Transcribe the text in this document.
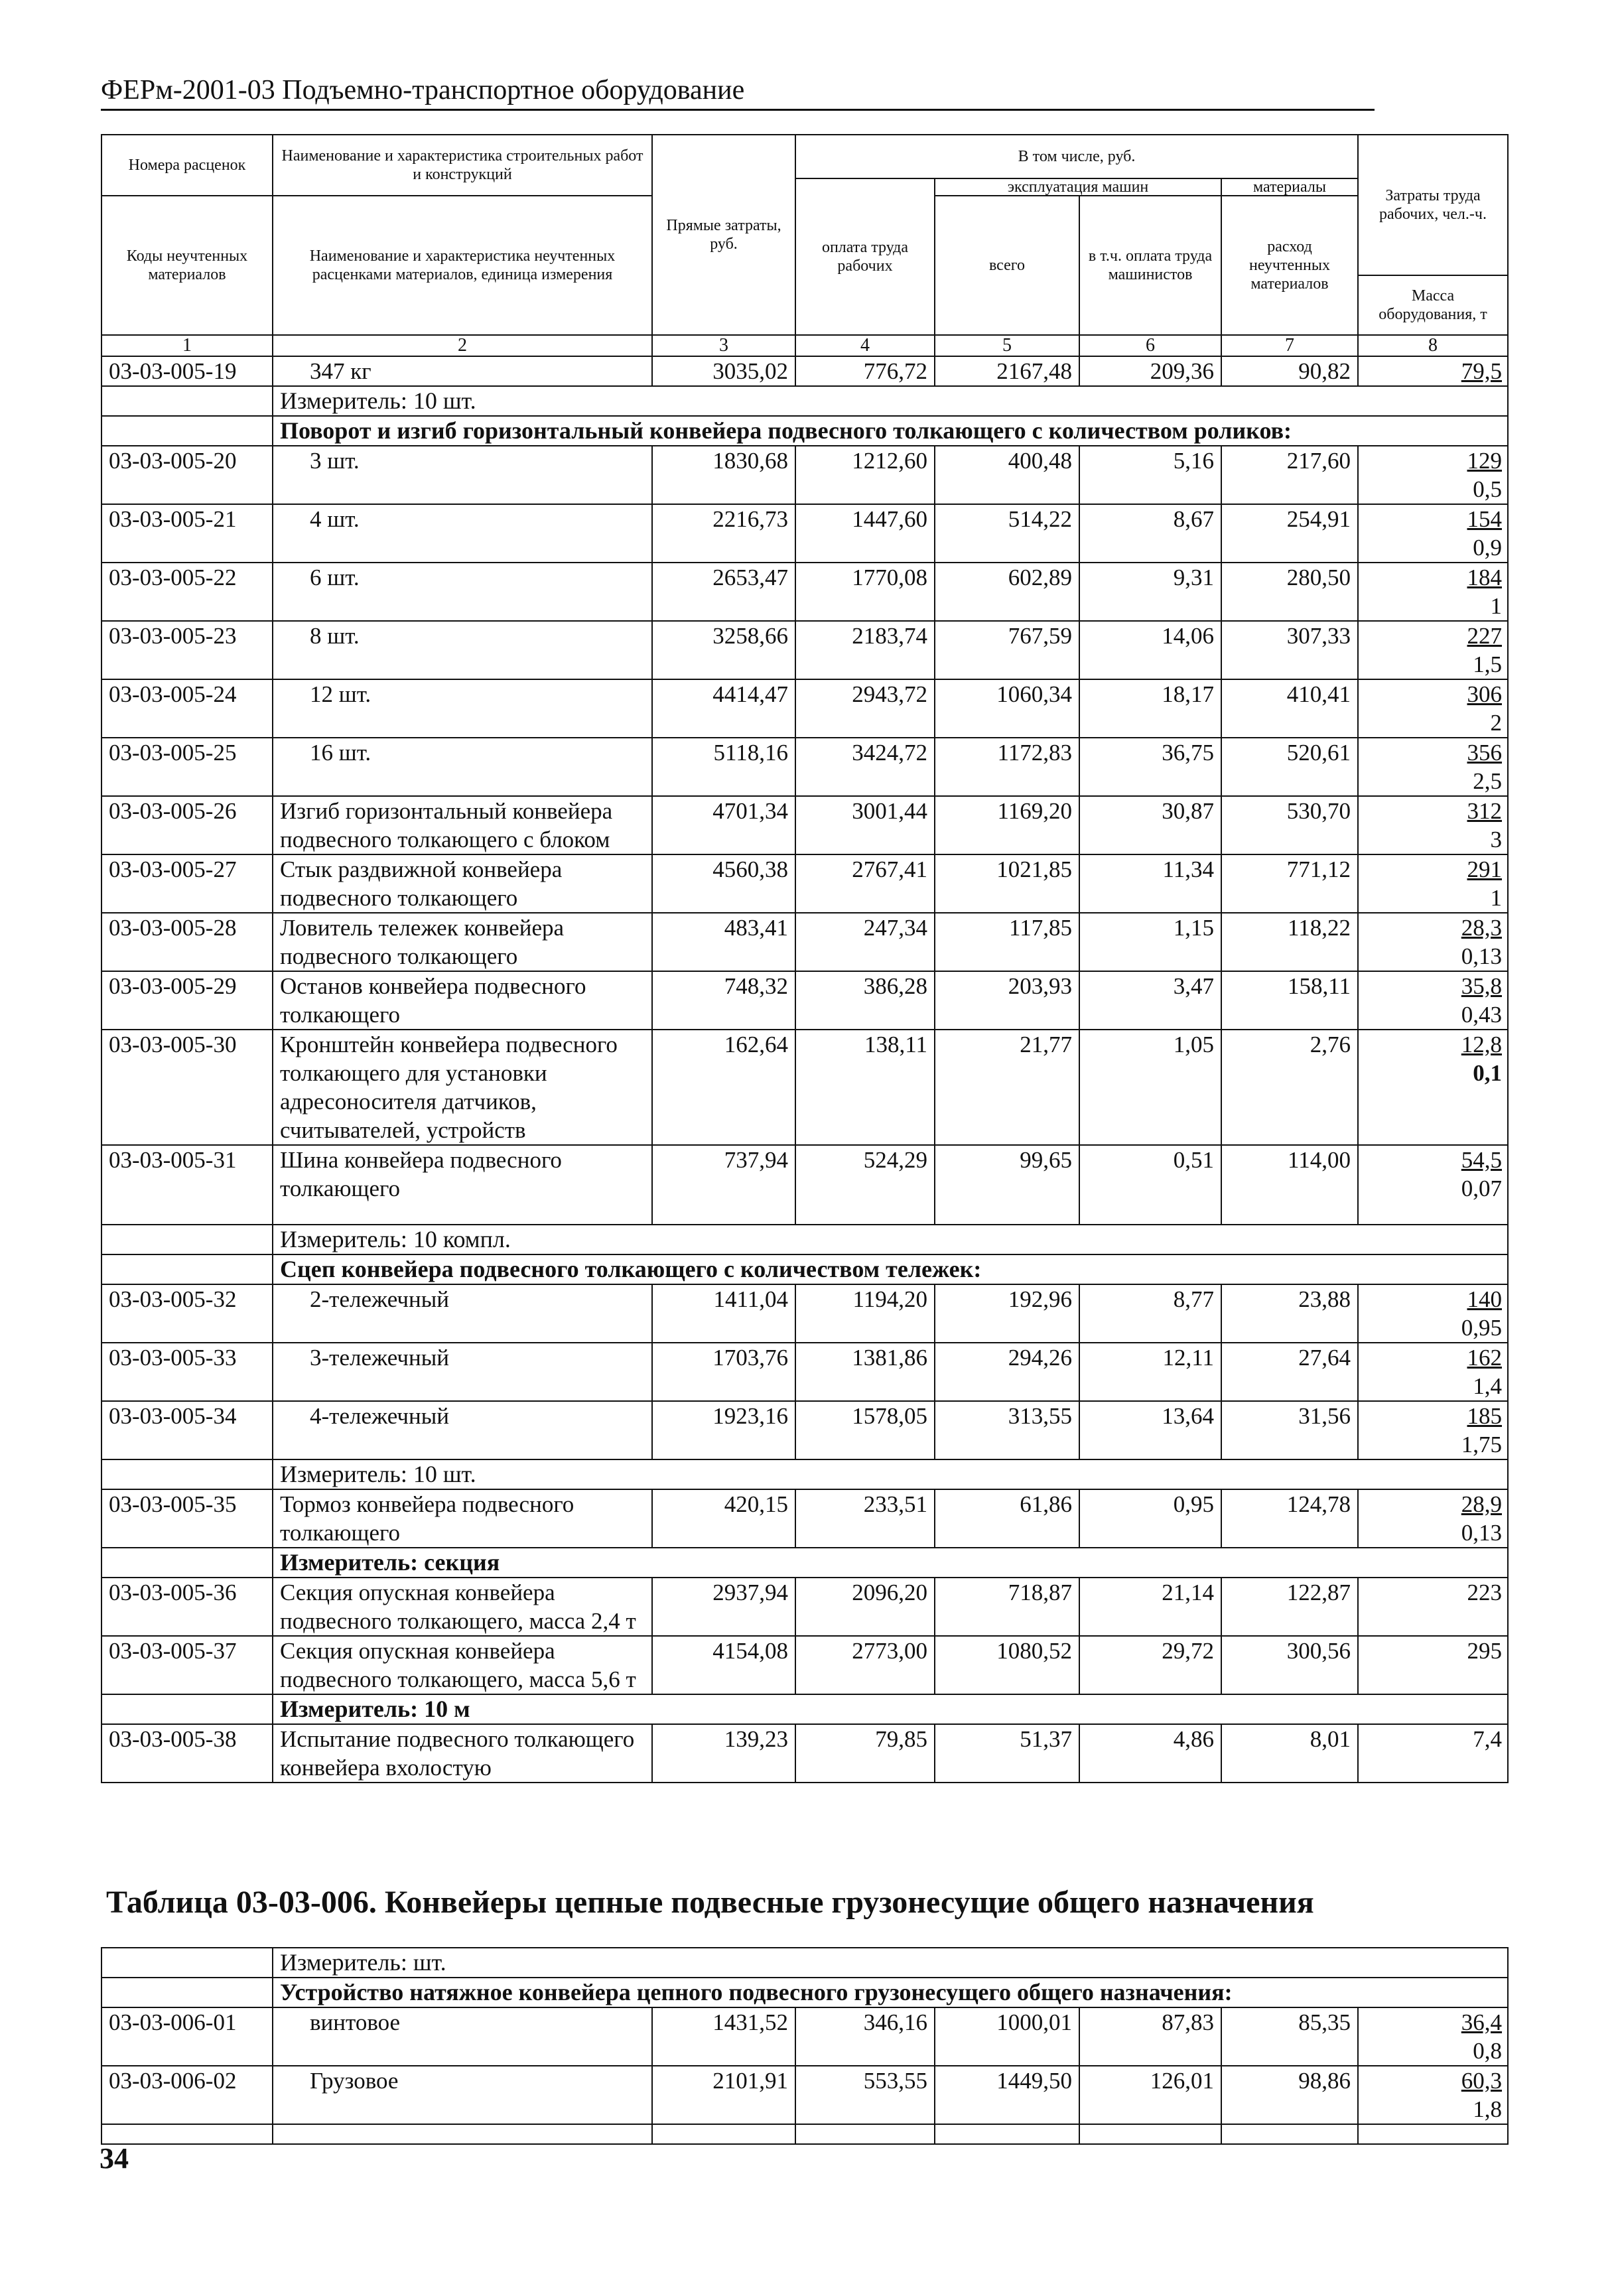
ФЕРм-2001-03 Подъемно-транспортное оборудование
Номера расценок	Наименование и характеристика строительных работ и конструкций	Прямые затраты, руб.	В том числе, руб.				Затраты труда рабочих, чел.-ч.
			оплата труда рабочих	эксплуатация машин		материалы	
Коды неучтенных материалов	Наименование и характеристика неучтенных расценками материалов, единица измерения			всего	в т.ч. оплата труда машинистов	расход неучтенных материалов	
							Масса оборудования, т
1	2	3	4	5	6	7	8
03-03-005-19	347 кг	3035,02	776,72	2167,48	209,36	90,82	79,5

	Измеритель: 10 шт.						
	Поворот и изгиб горизонтальный конвейера подвесного толкающего с количеством роликов:						
03-03-005-20	3 шт.	1830,68	1212,60	400,48	5,16	217,60	129
0,5

03-03-005-21	4 шт.	2216,73	1447,60	514,22	8,67	254,91	154
0,9

03-03-005-22	6 шт.	2653,47	1770,08	602,89	9,31	280,50	184
1

03-03-005-23	8 шт.	3258,66	2183,74	767,59	14,06	307,33	227
1,5

03-03-005-24	12 шт.	4414,47	2943,72	1060,34	18,17	410,41	306
2

03-03-005-25	16 шт.	5118,16	3424,72	1172,83	36,75	520,61	356
2,5

03-03-005-26	Изгиб горизонтальный конвейера подвесного толкающего с блоком	4701,34	3001,44	1169,20	30,87	530,70	312
3

03-03-005-27	Стык раздвижной конвейера подвесного толкающего	4560,38	2767,41	1021,85	11,34	771,12	291
1

03-03-005-28	Ловитель тележек конвейера подвесного толкающего	483,41	247,34	117,85	1,15	118,22	28,3
0,13

03-03-005-29	Останов конвейера подвесного толкающего	748,32	386,28	203,93	3,47	158,11	35,8
0,43

03-03-005-30	Кронштейн конвейера подвесного толкающего для установки адресоносителя датчиков, считывателей, устройств	162,64	138,11	21,77	1,05	2,76	12,8
0,1

03-03-005-31	Шина конвейера подвесного толкающего	737,94	524,29	99,65	0,51	114,00	54,5
0,07

	Измеритель: 10 компл.						
	Сцеп конвейера подвесного толкающего с количеством тележек:						
03-03-005-32	2-тележечный	1411,04	1194,20	192,96	8,77	23,88	140
0,95

03-03-005-33	3-тележечный	1703,76	1381,86	294,26	12,11	27,64	162
1,4

03-03-005-34	4-тележечный	1923,16	1578,05	313,55	13,64	31,56	185
1,75

	Измеритель: 10 шт.						
03-03-005-35	Тормоз конвейера подвесного толкающего	420,15	233,51	61,86	0,95	124,78	28,9
0,13

	Измеритель: секция						
03-03-005-36	Секция опускная конвейера подвесного толкающего, масса 2,4 т	2937,94	2096,20	718,87	21,14	122,87	223

03-03-005-37	Секция опускная конвейера подвесного толкающего, масса 5,6 т	4154,08	2773,00	1080,52	29,72	300,56	295

	Измеритель: 10 м						
03-03-005-38	Испытание подвесного толкающего конвейера вхолостую	139,23	79,85	51,37	4,86	8,01	7,4
Таблица 03-03-006. Конвейеры цепные подвесные грузонесущие общего назначения
	Измеритель: шт.						
	Устройство натяжное конвейера цепного подвесного грузонесущего общего назначения:						
03-03-006-01	винтовое	1431,52	346,16	1000,01	87,83	85,35	36,4
0,8

03-03-006-02	Грузовое	2101,91	553,55	1449,50	126,01	98,86	60,3
1,8

34
